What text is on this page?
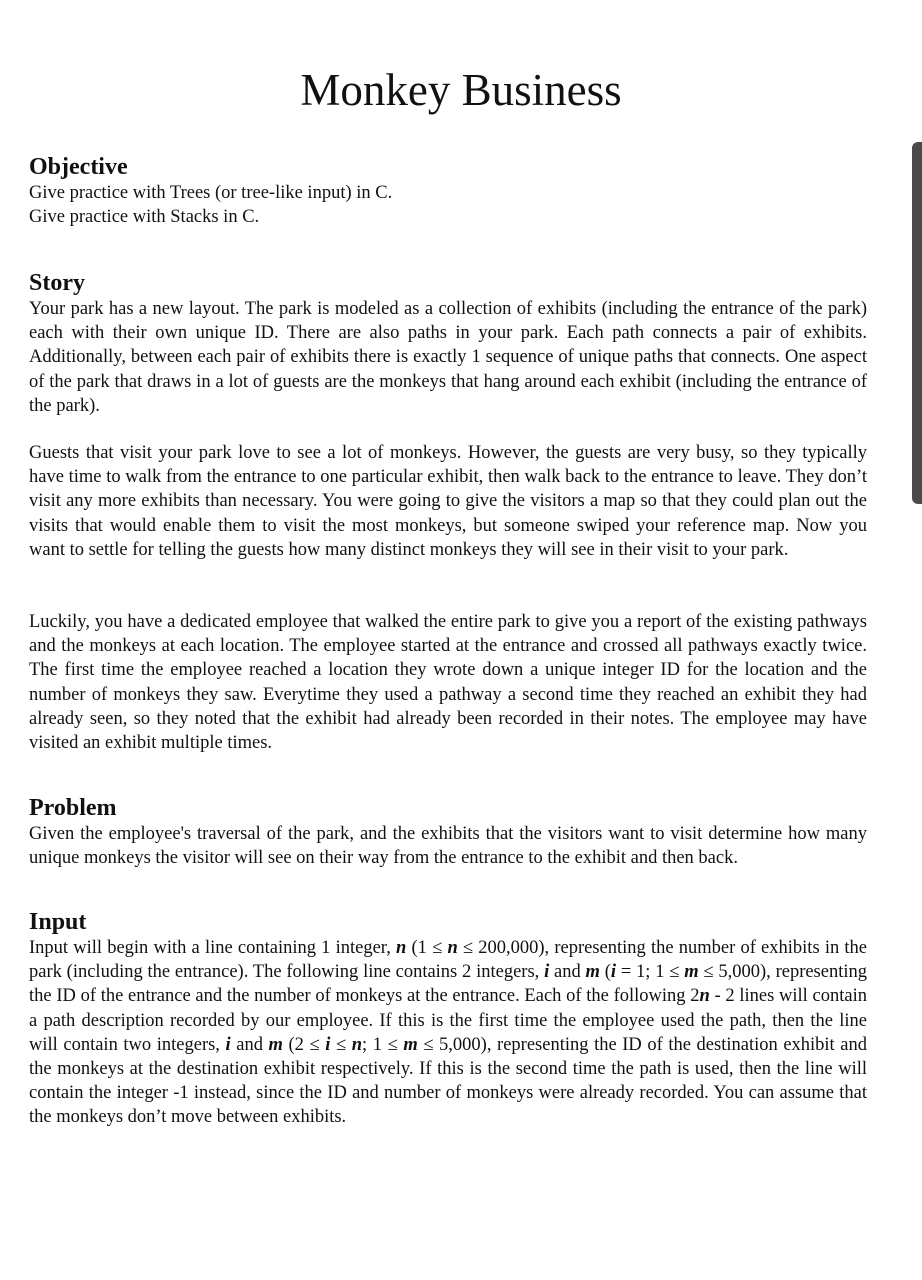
Monkey Business
Objective
Give practice with Trees (or tree-like input) in C.
Give practice with Stacks in C.
Story

Your park has a new layout. The park is modeled as a collection of exhibits (including the entrance of the park) each with their own unique ID. There are also paths in your park. Each path connects a pair of exhibits. Additionally, between each pair of exhibits there is exactly 1 sequence of unique paths that connects. One aspect of the park that draws in a lot of guests are the monkeys that hang around each exhibit (including the entrance of the park).

Guests that visit your park love to see a lot of monkeys. However, the guests are very busy, so they typically have time to walk from the entrance to one particular exhibit, then walk back to the entrance to leave. They don’t visit any more exhibits than necessary. You were going to give the visitors a map so that they could plan out the visits that would enable them to visit the most monkeys, but someone swiped your reference map. Now you want to settle for telling the guests how many distinct monkeys they will see in their visit to your park.

Luckily, you have a dedicated employee that walked the entire park to give you a report of the existing pathways and the monkeys at each location. The employee started at the entrance and crossed all pathways exactly twice. The first time the employee reached a location they wrote down a unique integer ID for the location and the number of monkeys they saw. Everytime they used a pathway a second time they reached an exhibit they had already seen, so they noted that the exhibit had already been recorded in their notes. The employee may have visited an exhibit multiple times.

Problem

Given the employee's traversal of the park, and the exhibits that the visitors want to visit determine how many unique monkeys the visitor will see on their way from the entrance to the exhibit and then back.

Input

Input will begin with a line containing 1 integer, n (1 ≤ n ≤ 200,000), representing the number of exhibits in the park (including the entrance). The following line contains 2 integers, i and m (i = 1; 1 ≤ m ≤ 5,000), representing the ID of the entrance and the number of monkeys at the entrance. Each of the following 2n - 2 lines will contain a path description recorded by our employee. If this is the first time the employee used the path, then the line will contain two integers, i and m (2 ≤ i ≤ n; 1 ≤ m ≤ 5,000), representing the ID of the destination exhibit and the monkeys at the destination exhibit respectively. If this is the second time the path is used, then the line will contain the integer -1 instead, since the ID and number of monkeys were already recorded. You can assume that the monkeys don’t move between exhibits.
